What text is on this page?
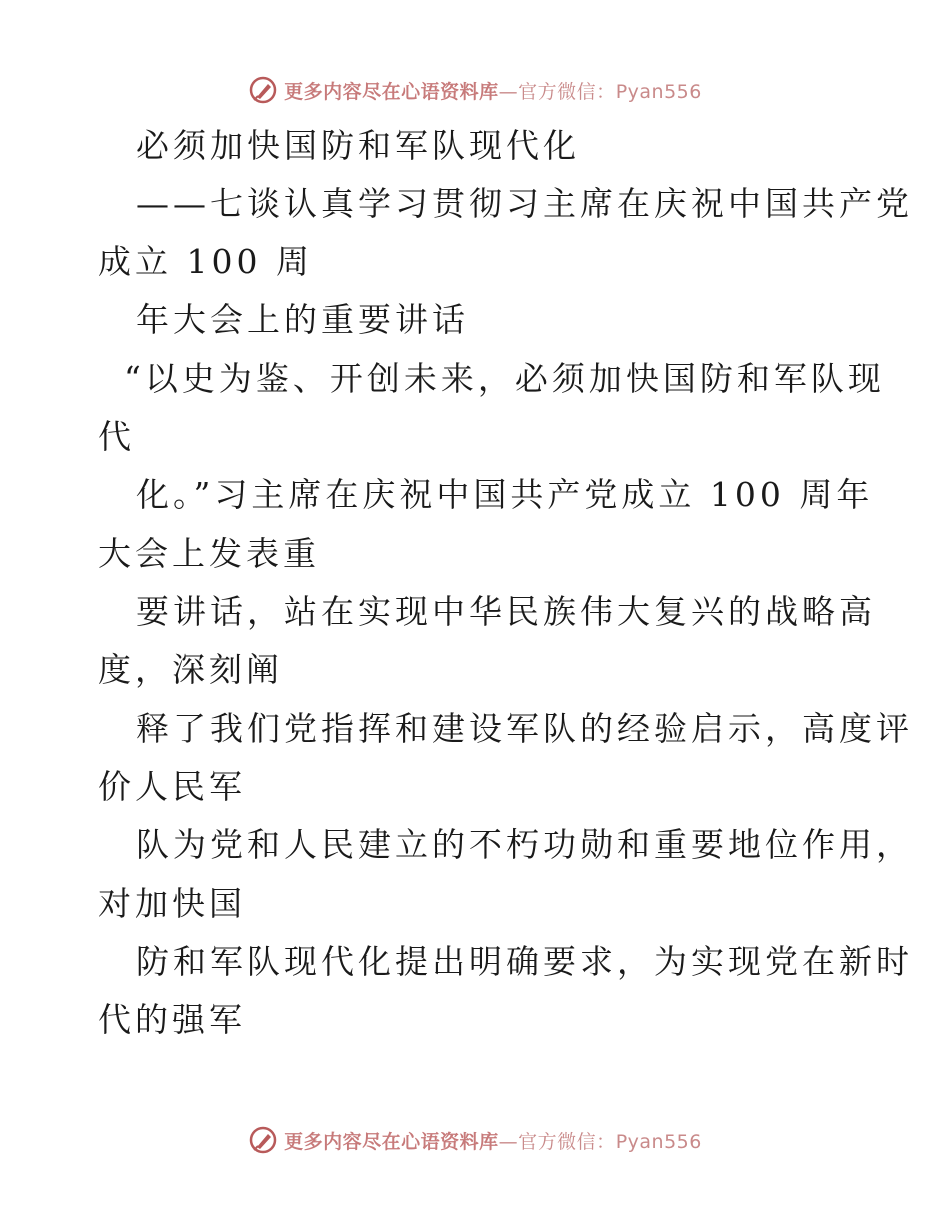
更多内容尽在心语资料库—官方微信：Pyan556
必须加快国防和军队现代化
——七谈认真学习贯彻习主席在庆祝中国共产党
成立 100 周
年大会上的重要讲话
“以史为鉴、开创未来，必须加快国防和军队现
代
化。”习主席在庆祝中国共产党成立 100 周年
大会上发表重
要讲话，站在实现中华民族伟大复兴的战略高
度，深刻阐
释了我们党指挥和建设军队的经验启示，高度评
价人民军
队为党和人民建立的不朽功勋和重要地位作用，
对加快国
防和军队现代化提出明确要求，为实现党在新时
代的强军
更多内容尽在心语资料库—官方微信：Pyan556
